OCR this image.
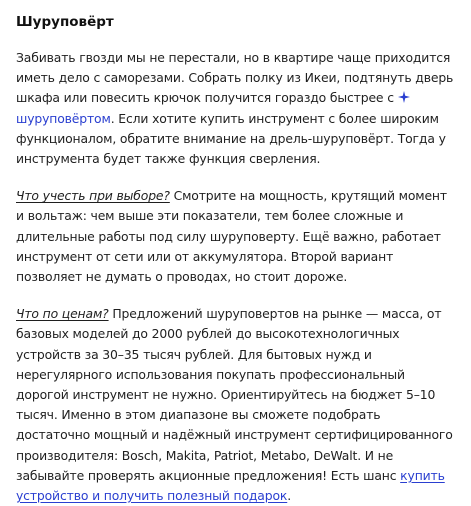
Шуруповёрт

Забивать гвозди мы не перестали, но в квартире чаще приходится иметь дело с саморезами. Собрать полку из Икеи, подтянуть дверь шкафа или повесить крючок получится гораздо быстрее с шуруповёртом. Если хотите купить инструмент с более широким функционалом, обратите внимание на дрель-шуруповёрт. Тогда у инструмента будет также функция сверления.

Что учесть при выборе? Смотрите на мощность, крутящий момент и вольтаж: чем выше эти показатели, тем более сложные и длительные работы под силу шуруповерту. Ещё важно, работает инструмент от сети или от аккумулятора. Второй вариант позволяет не думать о проводах, но стоит дороже.

Что по ценам? Предложений шуруповертов на рынке — масса, от базовых моделей до 2000 рублей до высокотехнологичных устройств за 30–35 тысяч рублей. Для бытовых нужд и нерегулярного использования покупать профессиональный дорогой инструмент не нужно. Ориентируйтесь на бюджет 5–10 тысяч. Именно в этом диапазоне вы сможете подобрать достаточно мощный и надёжный инструмент сертифицированного производителя: Bosch, Makita, Patriot, Metabo, DeWalt. И не забывайте проверять акционные предложения! Есть шанс купить устройство и получить полезный подарок.
